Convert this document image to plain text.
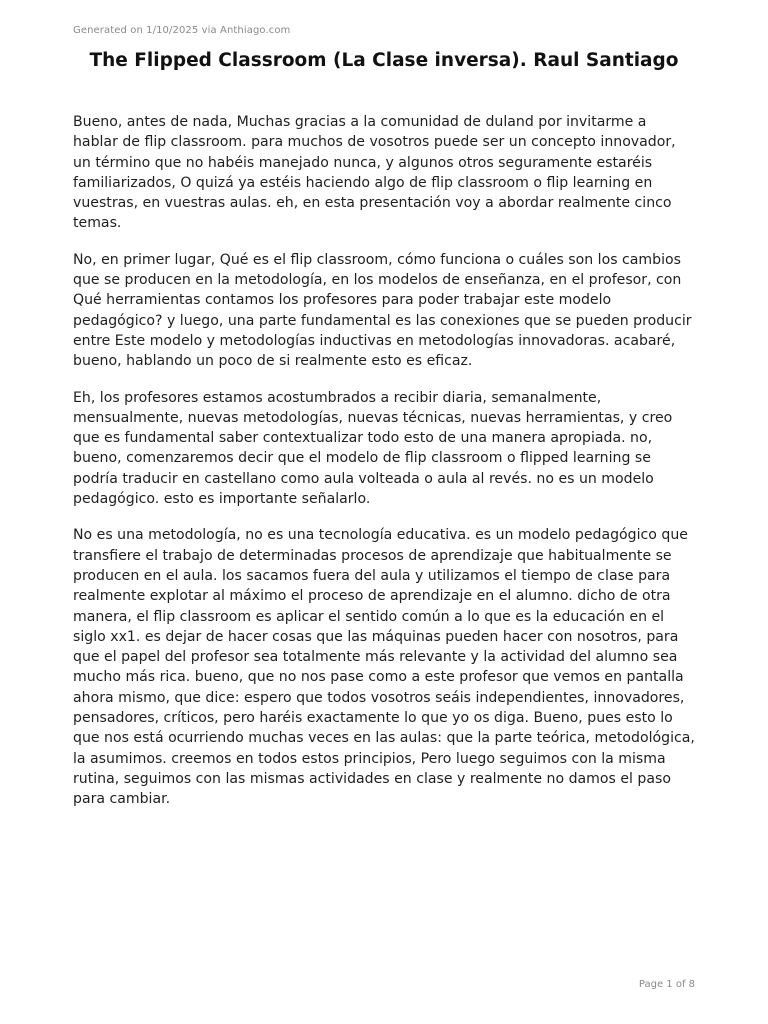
Generated on 1/10/2025 via Anthiago.com
The Flipped Classroom (La Clase inversa). Raul Santiago

Bueno, antes de nada, Muchas gracias a la comunidad de duland por invitarme a hablar de flip classroom. para muchos de vosotros puede ser un concepto innovador, un término que no habéis manejado nunca, y algunos otros seguramente estaréis familiarizados, O quizá ya estéis haciendo algo de flip classroom o flip learning en vuestras, en vuestras aulas. eh, en esta presentación voy a abordar realmente cinco temas.

No, en primer lugar, Qué es el flip classroom, cómo funciona o cuáles son los cambios que se producen en la metodología, en los modelos de enseñanza, en el profesor, con Qué herramientas contamos los profesores para poder trabajar este modelo pedagógico? y luego, una parte fundamental es las conexiones que se pueden producir entre Este modelo y metodologías inductivas en metodologías innovadoras. acabaré, bueno, hablando un poco de si realmente esto es eficaz.

Eh, los profesores estamos acostumbrados a recibir diaria, semanalmente, mensualmente, nuevas metodologías, nuevas técnicas, nuevas herramientas, y creo que es fundamental saber contextualizar todo esto de una manera apropiada. no, bueno, comenzaremos decir que el modelo de flip classroom o flipped learning se podría traducir en castellano como aula volteada o aula al revés. no es un modelo pedagógico. esto es importante señalarlo.

No es una metodología, no es una tecnología educativa. es un modelo pedagógico que transfiere el trabajo de determinadas procesos de aprendizaje que habitualmente se producen en el aula. los sacamos fuera del aula y utilizamos el tiempo de clase para realmente explotar al máximo el proceso de aprendizaje en el alumno. dicho de otra manera, el flip classroom es aplicar el sentido común a lo que es la educación en el siglo xx1. es dejar de hacer cosas que las máquinas pueden hacer con nosotros, para que el papel del profesor sea totalmente más relevante y la actividad del alumno sea mucho más rica. bueno, que no nos pase como a este profesor que vemos en pantalla ahora mismo, que dice: espero que todos vosotros seáis independientes, innovadores, pensadores, críticos, pero haréis exactamente lo que yo os diga. Bueno, pues esto lo que nos está ocurriendo muchas veces en las aulas: que la parte teórica, metodológica, la asumimos. creemos en todos estos principios, Pero luego seguimos con la misma rutina, seguimos con las mismas actividades en clase y realmente no damos el paso para cambiar.

Page 1 of 8
